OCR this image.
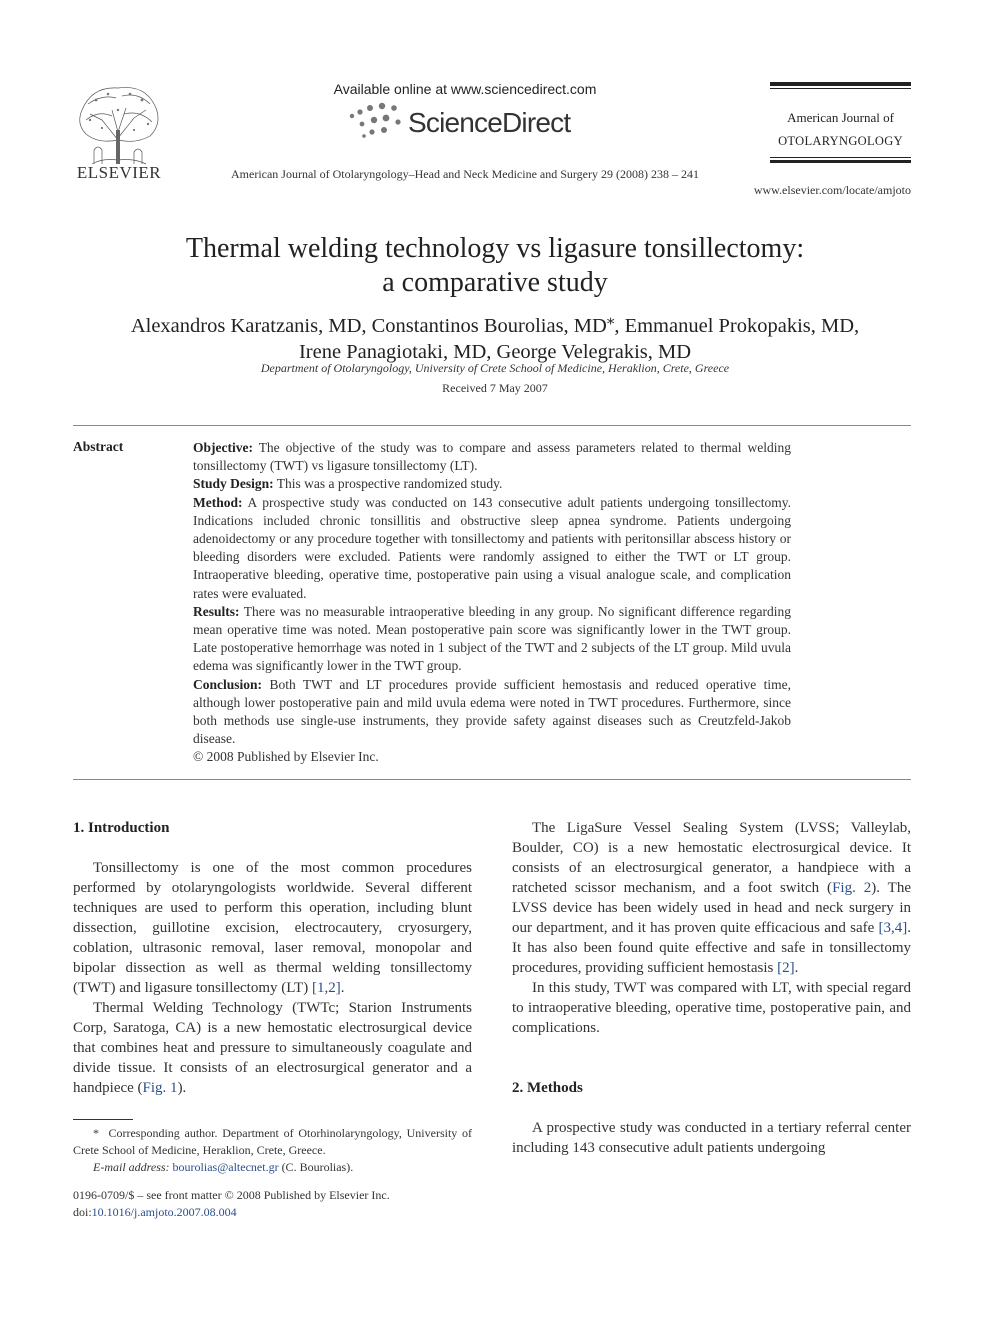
ELSEVIER
Available online at www.sciencedirect.com
ScienceDirect
American Journal of Otolaryngology–Head and Neck Medicine and Surgery 29 (2008) 238 – 241
American Journal of
OTOLARYNGOLOGY
www.elsevier.com/locate/amjoto
Thermal welding technology vs ligasure tonsillectomy:
a comparative study
Alexandros Karatzanis, MD, Constantinos Bourolias, MD⁎, Emmanuel Prokopakis, MD,
Irene Panagiotaki, MD, George Velegrakis, MD
Department of Otolaryngology, University of Crete School of Medicine, Heraklion, Crete, Greece
Received 7 May 2007
Abstract	Objective: The objective of the study was to compare and assess parameters related to thermal welding tonsillectomy (TWT) vs ligasure tonsillectomy (LT).

Study Design: This was a prospective randomized study.

Method: A prospective study was conducted on 143 consecutive adult patients undergoing tonsillectomy. Indications included chronic tonsillitis and obstructive sleep apnea syndrome. Patients undergoing adenoidectomy or any procedure together with tonsillectomy and patients with peritonsillar abscess history or bleeding disorders were excluded. Patients were randomly assigned to either the TWT or LT group. Intraoperative bleeding, operative time, postoperative pain using a visual analogue scale, and complication rates were evaluated.

Results: There was no measurable intraoperative bleeding in any group. No significant difference regarding mean operative time was noted. Mean postoperative pain score was significantly lower in the TWT group. Late postoperative hemorrhage was noted in 1 subject of the TWT and 2 subjects of the LT group. Mild uvula edema was significantly lower in the TWT group.

Conclusion: Both TWT and LT procedures provide sufficient hemostasis and reduced operative time, although lower postoperative pain and mild uvula edema were noted in TWT procedures. Furthermore, since both methods use single-use instruments, they provide safety against diseases such as Creutzfeld-Jakob disease.

© 2008 Published by Elsevier Inc.

1. Introduction

Tonsillectomy is one of the most common procedures performed by otolaryngologists worldwide. Several different techniques are used to perform this operation, including blunt dissection, guillotine excision, electrocautery, cryosurgery, coblation, ultrasonic removal, laser removal, monopolar and bipolar dissection as well as thermal welding tonsillectomy (TWT) and ligasure tonsillectomy (LT) [1,2].

Thermal Welding Technology (TWTc; Starion Instruments Corp, Saratoga, CA) is a new hemostatic electrosurgical device that combines heat and pressure to simultaneously coagulate and divide tissue. It consists of an electrosurgical generator and a handpiece (Fig. 1).

* Corresponding author. Department of Otorhinolaryngology, University of Crete School of Medicine, Heraklion, Crete, Greece.

E-mail address: bourolias@altecnet.gr (C. Bourolias).

0196-0709/$ – see front matter © 2008 Published by Elsevier Inc.
doi:10.1016/j.amjoto.2007.08.004

The LigaSure Vessel Sealing System (LVSS; Valleylab, Boulder, CO) is a new hemostatic electrosurgical device. It consists of an electrosurgical generator, a handpiece with a ratcheted scissor mechanism, and a foot switch (Fig. 2). The LVSS device has been widely used in head and neck surgery in our department, and it has proven quite efficacious and safe [3,4]. It has also been found quite effective and safe in tonsillectomy procedures, providing sufficient hemostasis [2].

In this study, TWT was compared with LT, with special regard to intraoperative bleeding, operative time, postoperative pain, and complications.

2. Methods

A prospective study was conducted in a tertiary referral center including 143 consecutive adult patients undergoing
